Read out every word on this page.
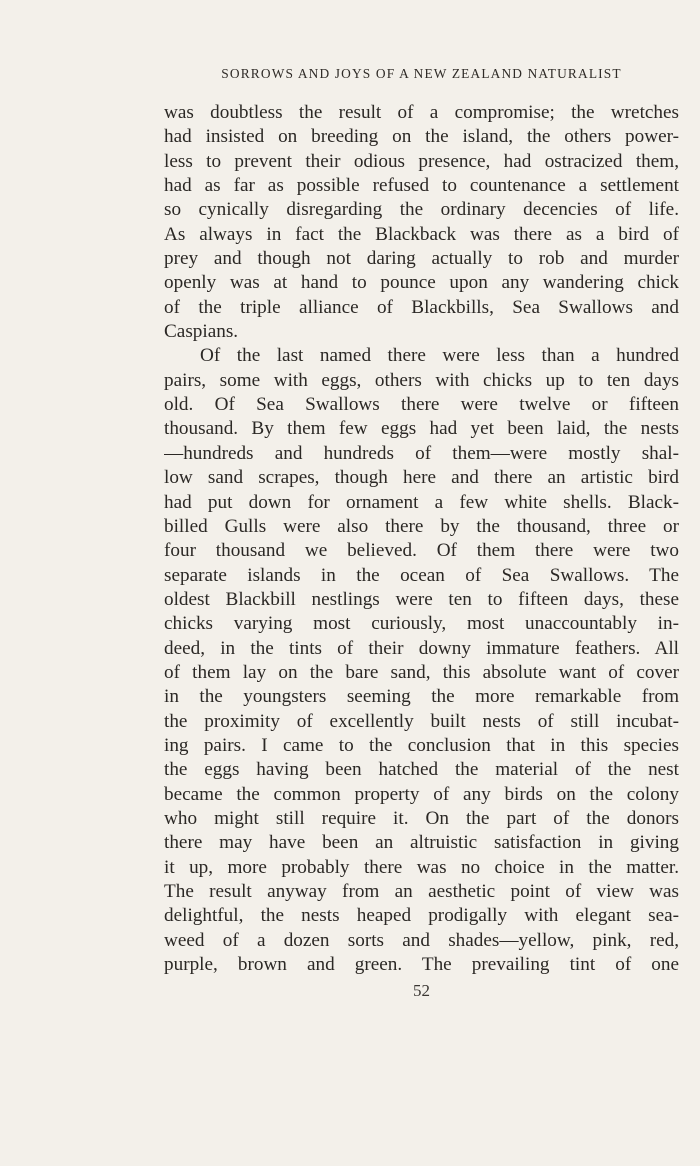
SORROWS AND JOYS OF A NEW ZEALAND NATURALIST
was doubtless the result of a compromise; the wretches
had insisted on breeding on the island, the others power-
less to prevent their odious presence, had ostracized them,
had as far as possible refused to countenance a settlement
so cynically disregarding the ordinary decencies of life.
As always in fact the Blackback was there as a bird of
prey and though not daring actually to rob and murder
openly was at hand to pounce upon any wandering chick
of the triple alliance of Blackbills, Sea Swallows and
Caspians.
Of the last named there were less than a hundred
pairs, some with eggs, others with chicks up to ten days
old. Of Sea Swallows there were twelve or fifteen
thousand. By them few eggs had yet been laid, the nests
—hundreds and hundreds of them—were mostly shal-
low sand scrapes, though here and there an artistic bird
had put down for ornament a few white shells. Black-
billed Gulls were also there by the thousand, three or
four thousand we believed. Of them there were two
separate islands in the ocean of Sea Swallows. The
oldest Blackbill nestlings were ten to fifteen days, these
chicks varying most curiously, most unaccountably in-
deed, in the tints of their downy immature feathers. All
of them lay on the bare sand, this absolute want of cover
in the youngsters seeming the more remarkable from
the proximity of excellently built nests of still incubat-
ing pairs. I came to the conclusion that in this species
the eggs having been hatched the material of the nest
became the common property of any birds on the colony
who might still require it. On the part of the donors
there may have been an altruistic satisfaction in giving
it up, more probably there was no choice in the matter.
The result anyway from an aesthetic point of view was
delightful, the nests heaped prodigally with elegant sea-
weed of a dozen sorts and shades—yellow, pink, red,
purple, brown and green. The prevailing tint of one
52
